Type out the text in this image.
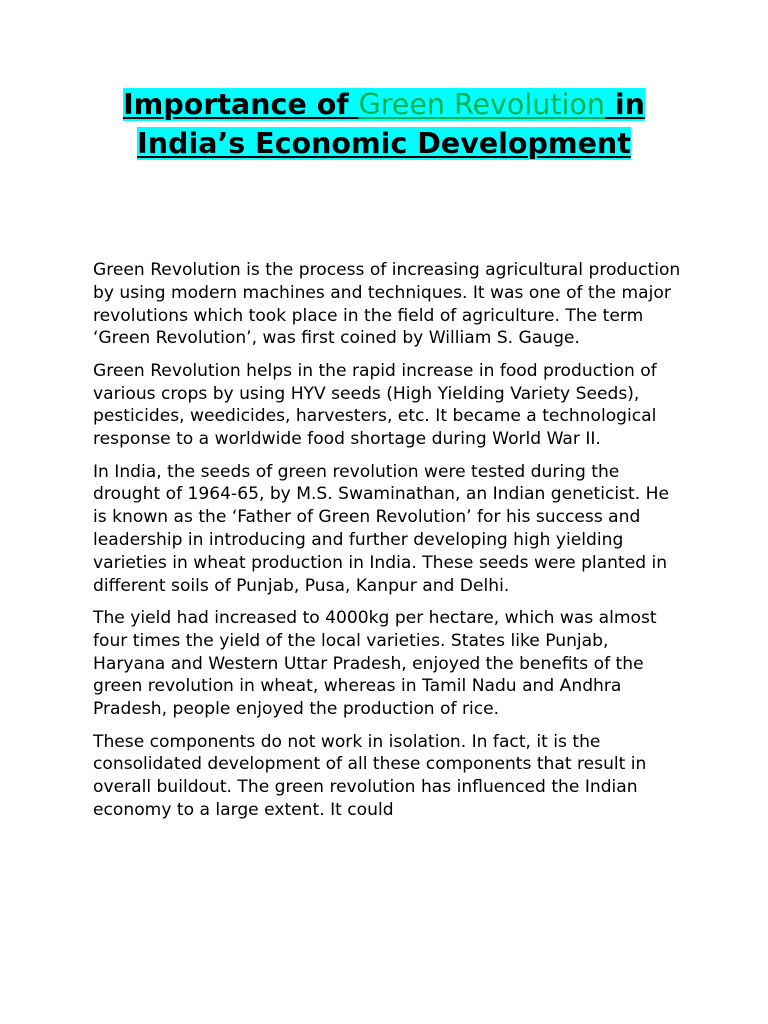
Importance of Green Revolution in India’s Economic Development

Green Revolution is the process of increasing agricultural production by using modern machines and techniques. It was one of the major revolutions which took place in the field of agriculture. The term ‘Green Revolution’, was first coined by William S. Gauge.

Green Revolution helps in the rapid increase in food production of various crops by using HYV seeds (High Yielding Variety Seeds), pesticides, weedicides, harvesters, etc. It became a technological response to a worldwide food shortage during World War II.

In India, the seeds of green revolution were tested during the drought of 1964-65, by M.S. Swaminathan, an Indian geneticist. He is known as the ‘Father of Green Revolution’ for his success and leadership in introducing and further developing high yielding varieties in wheat production in India. These seeds were planted in different soils of Punjab, Pusa, Kanpur and Delhi.

The yield had increased to 4000kg per hectare, which was almost four times the yield of the local varieties. States like Punjab, Haryana and Western Uttar Pradesh, enjoyed the benefits of the green revolution in wheat, whereas in Tamil Nadu and Andhra Pradesh, people enjoyed the production of rice.

These components do not work in isolation. In fact, it is the consolidated development of all these components that result in overall buildout. The green revolution has influenced the Indian economy to a large extent. It could
